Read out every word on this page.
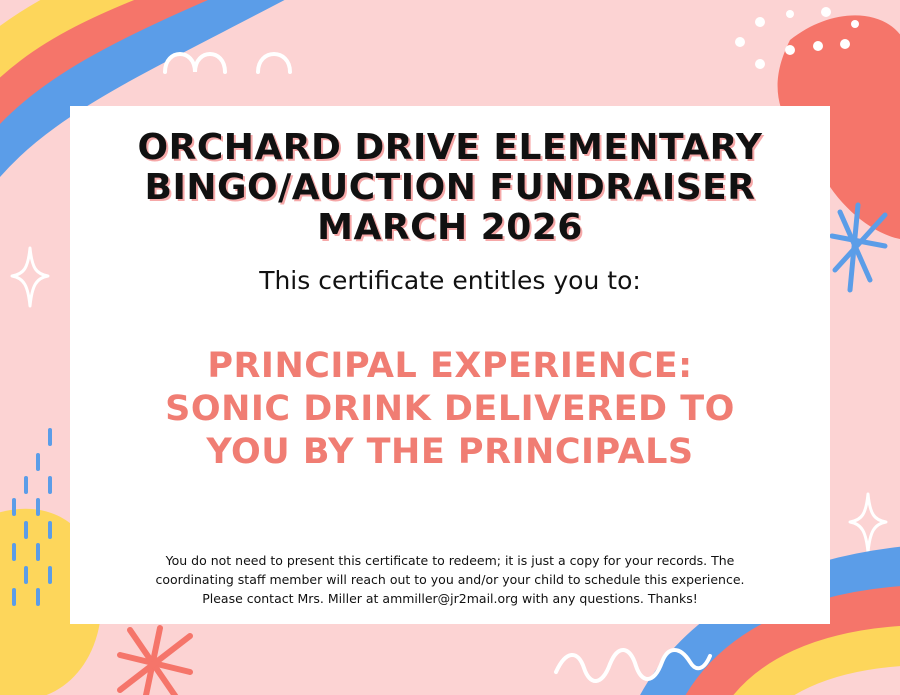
ORCHARD DRIVE ELEMENTARY
BINGO/AUCTION FUNDRAISER
MARCH 2026
This certificate entitles you to:
PRINCIPAL EXPERIENCE:
SONIC DRINK DELIVERED TO
YOU BY THE PRINCIPALS
You do not need to present this certificate to redeem; it is just a copy for your records. The
coordinating staff member will reach out to you and/or your child to schedule this experience.
Please contact Mrs. Miller at ammiller@jr2mail.org with any questions. Thanks!
